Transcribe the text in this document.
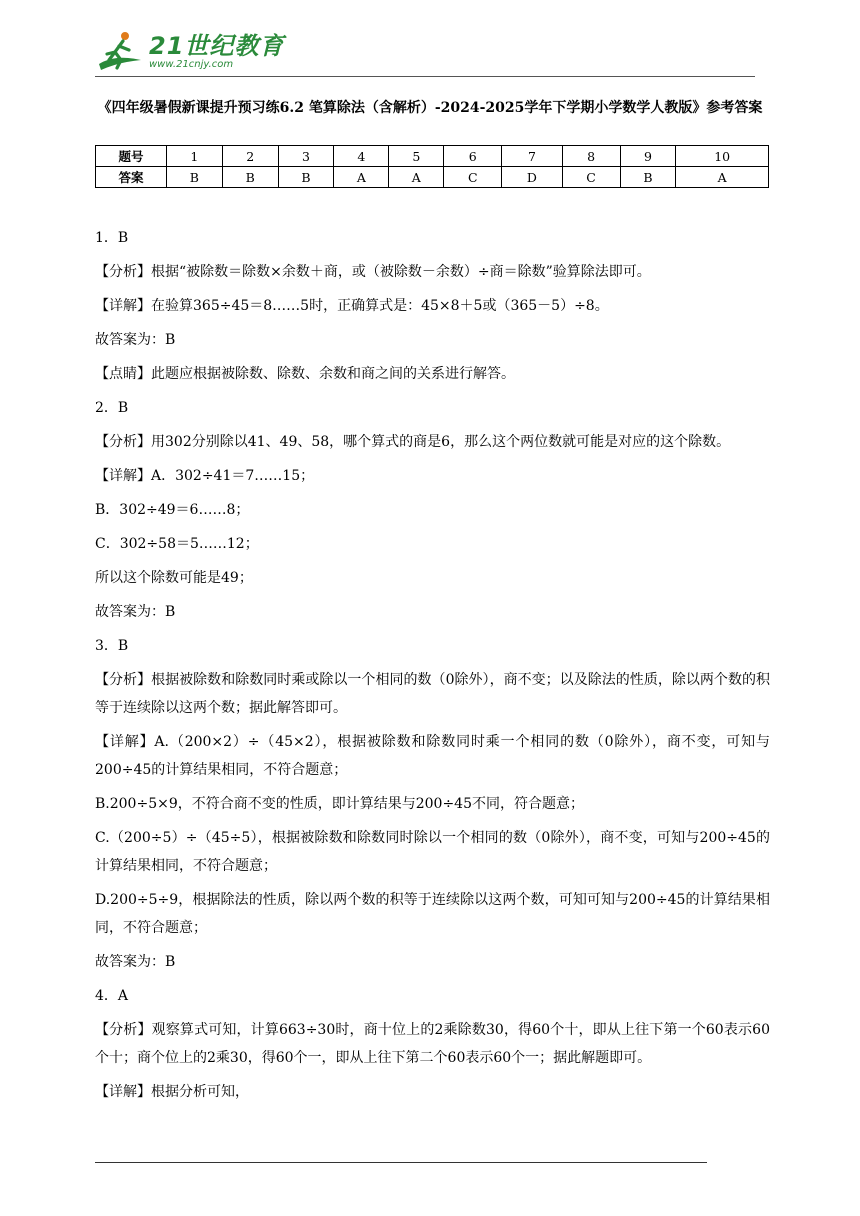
21世纪教育
www.21cnjy.com
《四年级暑假新课提升预习练6.2 笔算除法（含解析）-2024-2025学年下学期小学数学人教版》参考答案
题号	1	2	3	4	5	6	7	8	9	10
答案	B	B	B	A	A	C	D	C	B	A

1．B

【分析】根据“被除数＝除数×余数＋商，或（被除数－余数）÷商＝除数”验算除法即可。

【详解】在验算365÷45＝8……5时，正确算式是：45×8＋5或（365－5）÷8。

故答案为：B

【点睛】此题应根据被除数、除数、余数和商之间的关系进行解答。

2．B

【分析】用302分别除以41、49、58，哪个算式的商是6，那么这个两位数就可能是对应的这个除数。

【详解】A．302÷41＝7……15；

B．302÷49＝6……8；

C．302÷58＝5……12；

所以这个除数可能是49；

故答案为：B

3．B

【分析】根据被除数和除数同时乘或除以一个相同的数（0除外），商不变；以及除法的性质，除以两个数的积等于连续除以这两个数；据此解答即可。

【详解】A.（200×2）÷（45×2），根据被除数和除数同时乘一个相同的数（0除外），商不变，可知与200÷45的计算结果相同，不符合题意；

B.200÷5×9，不符合商不变的性质，即计算结果与200÷45不同，符合题意；

C.（200÷5）÷（45÷5），根据被除数和除数同时除以一个相同的数（0除外），商不变，可知与200÷45的计算结果相同，不符合题意；

D.200÷5÷9，根据除法的性质，除以两个数的积等于连续除以这两个数，可知可知与200÷45的计算结果相同，不符合题意；

故答案为：B

4．A

【分析】观察算式可知，计算663÷30时，商十位上的2乘除数30，得60个十，即从上往下第一个60表示60个十；商个位上的2乘30，得60个一，即从上往下第二个60表示60个一；据此解题即可。

【详解】根据分析可知，
